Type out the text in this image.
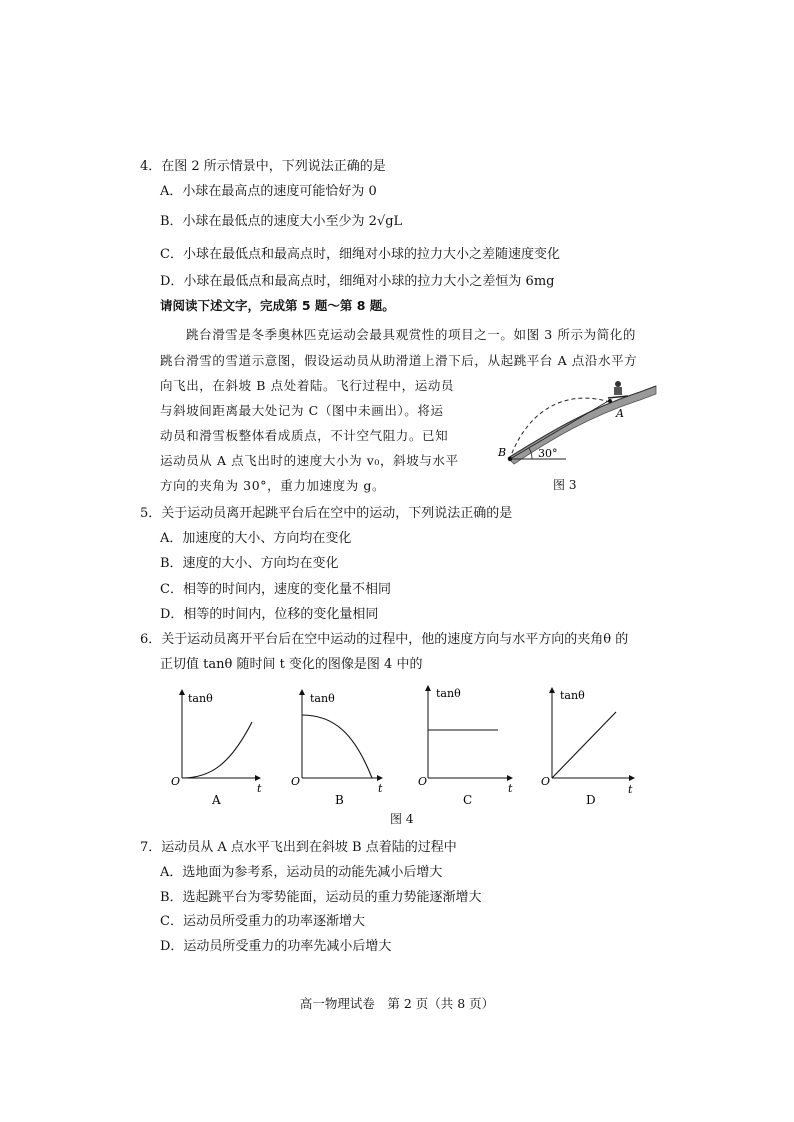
4．在图 2 所示情景中，下列说法正确的是
A．小球在最高点的速度可能恰好为 0
B．小球在最低点的速度大小至少为 2√gL
C．小球在最低点和最高点时，细绳对小球的拉力大小之差随速度变化
D．小球在最低点和最高点时，细绳对小球的拉力大小之差恒为 6mg
请阅读下述文字，完成第 5 题～第 8 题。
跳台滑雪是冬季奥林匹克运动会最具观赏性的项目之一。如图 3 所示为简化的
跳台滑雪的雪道示意图，假设运动员从助滑道上滑下后，从起跳平台 A 点沿水平方
向飞出，在斜坡 B 点处着陆。飞行过程中，运动员
与斜坡间距离最大处记为 C（图中未画出）。将运
动员和滑雪板整体看成质点，不计空气阻力。已知
运动员从 A 点飞出时的速度大小为 v₀，斜坡与水平
方向的夹角为 30°，重力加速度为 g。
A
B	30°
图 3
5．关于运动员离开起跳平台后在空中的运动，下列说法正确的是
A．加速度的大小、方向均在变化
B．速度的大小、方向均在变化
C．相等的时间内，速度的变化量不相同
D．相等的时间内，位移的变化量相同
6．关于运动员离开平台后在空中运动的过程中，他的速度方向与水平方向的夹角θ 的
正切值 tanθ 随时间 t 变化的图像是图 4 中的
tanθ
O
t
A
tanθ
O
t
B
tanθ
O
t
C
tanθ
O
t
D
图 4
7．运动员从 A 点水平飞出到在斜坡 B 点着陆的过程中
A．选地面为参考系，运动员的动能先减小后增大
B．选起跳平台为零势能面，运动员的重力势能逐渐增大
C．运动员所受重力的功率逐渐增大
D．运动员所受重力的功率先减小后增大
高一物理试卷　第 2 页（共 8 页）
